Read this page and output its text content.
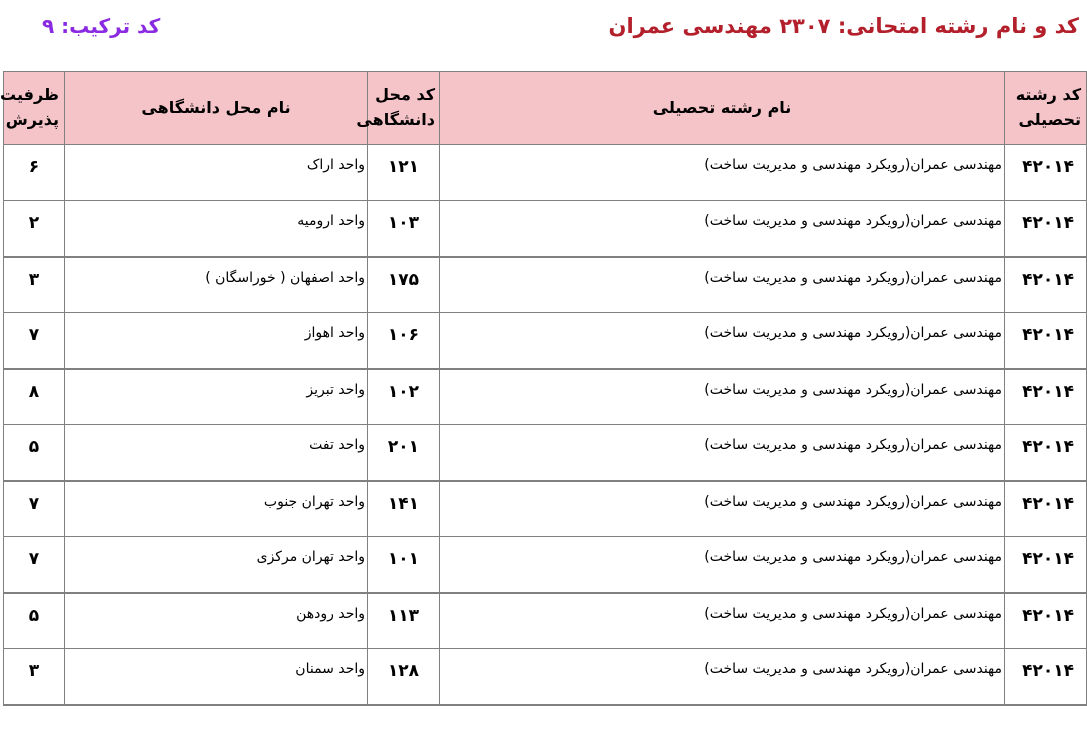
کد و نام رشته امتحانی: ۲۳۰۷ مهندسی عمران
کد ترکیب: ۹
کد رشته تحصیلی	نام رشته تحصیلی	کد محل دانشگاهی	نام محل دانشگاهی	ظرفیت پذیرش
۴۲۰۱۴	مهندسی عمران(رویکرد مهندسی و مدیریت ساخت)	۱۲۱	واحد اراک	۶
۴۲۰۱۴	مهندسی عمران(رویکرد مهندسی و مدیریت ساخت)	۱۰۳	واحد ارومیه	۲
۴۲۰۱۴	مهندسی عمران(رویکرد مهندسی و مدیریت ساخت)	۱۷۵	واحد اصفهان ( خوراسگان )	۳
۴۲۰۱۴	مهندسی عمران(رویکرد مهندسی و مدیریت ساخت)	۱۰۶	واحد اهواز	۷
۴۲۰۱۴	مهندسی عمران(رویکرد مهندسی و مدیریت ساخت)	۱۰۲	واحد تبریز	۸
۴۲۰۱۴	مهندسی عمران(رویکرد مهندسی و مدیریت ساخت)	۲۰۱	واحد تفت	۵
۴۲۰۱۴	مهندسی عمران(رویکرد مهندسی و مدیریت ساخت)	۱۴۱	واحد تهران جنوب	۷
۴۲۰۱۴	مهندسی عمران(رویکرد مهندسی و مدیریت ساخت)	۱۰۱	واحد تهران مرکزی	۷
۴۲۰۱۴	مهندسی عمران(رویکرد مهندسی و مدیریت ساخت)	۱۱۳	واحد رودهن	۵
۴۲۰۱۴	مهندسی عمران(رویکرد مهندسی و مدیریت ساخت)	۱۲۸	واحد سمنان	۳
